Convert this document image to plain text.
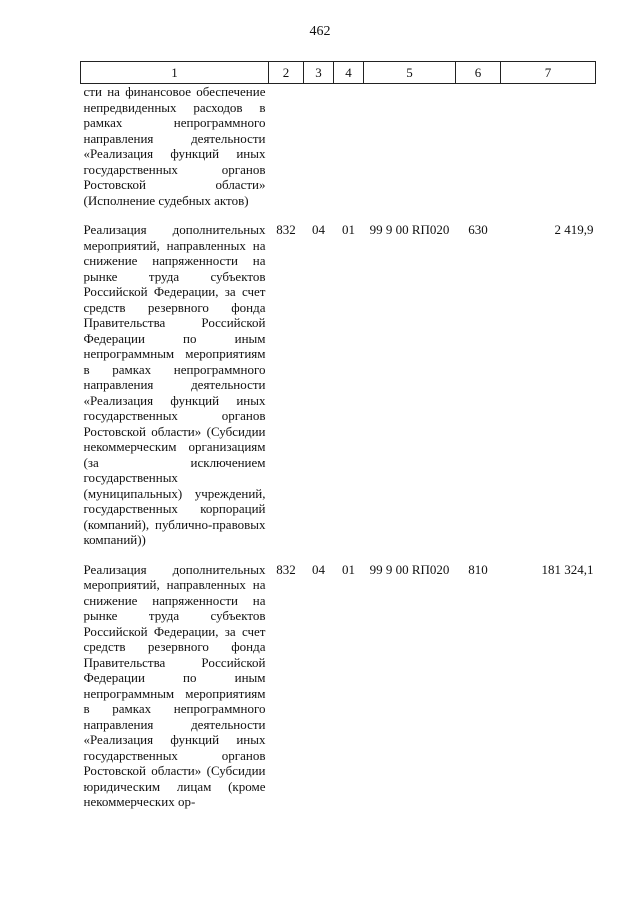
462
1	2	3	4	5	6	7
сти на финансовое обеспечение непредвиденных расходов в рамках непрограммного направления деятельности «Реализация функций иных государственных органов Ростовской области» (Исполнение судебных актов)						
Реализация дополнительных мероприятий, направленных на снижение напряженности на рынке труда субъектов Российской Федерации, за счет средств резервного фонда Правительства Российской Федерации по иным непрограммным мероприятиям в рамках непрограммного направления деятельности «Реализация функций иных государственных органов Ростовской области» (Субсидии некоммерческим организациям (за исключением государственных (муниципальных) учреждений, государственных корпораций (компаний), публично-правовых компаний))	832	04	01	99 9 00 RП020	630	2 419,9
Реализация дополнительных мероприятий, направленных на снижение напряженности на рынке труда субъектов Российской Федерации, за счет средств резервного фонда Правительства Российской Федерации по иным непрограммным мероприятиям в рамках непрограммного направления деятельности «Реализация функций иных государственных органов Ростовской области» (Субсидии юридическим лицам (кроме некоммерческих ор-	832	04	01	99 9 00 RП020	810	181 324,1
